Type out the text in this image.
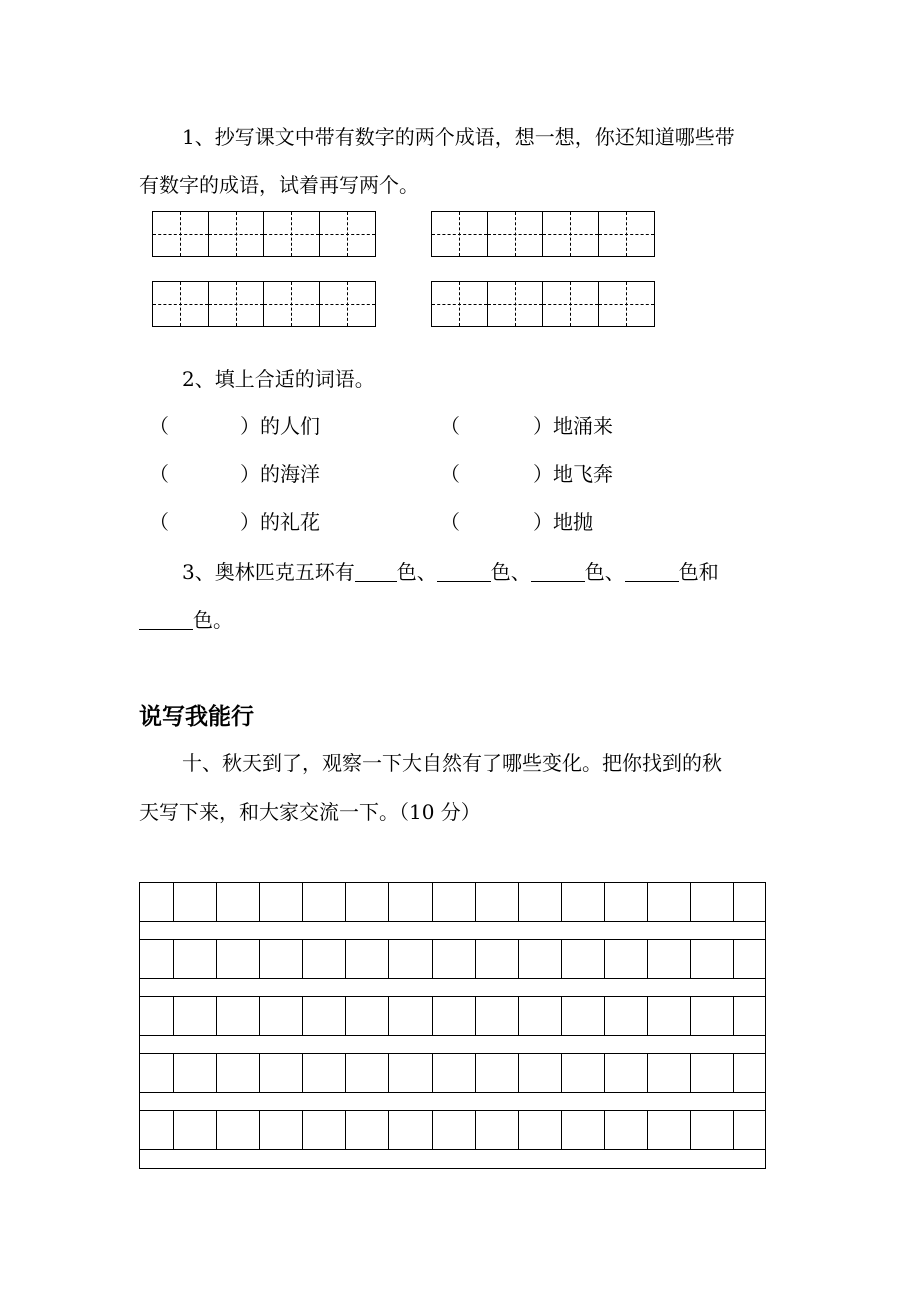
1、抄写课文中带有数字的两个成语，想一想，你还知道哪些带
有数字的成语，试着再写两个。
2、填上合适的词语。
（	）的人们	（	）地涌来
（	）的海洋	（	）地飞奔
（	）的礼花	（	）地抛
3、奥林匹克五环有 色、	色、	色、	色和
色。
说写我能行
十、秋天到了，观察一下大自然有了哪些变化。把你找到的秋
天写下来，和大家交流一下。（10 分）
